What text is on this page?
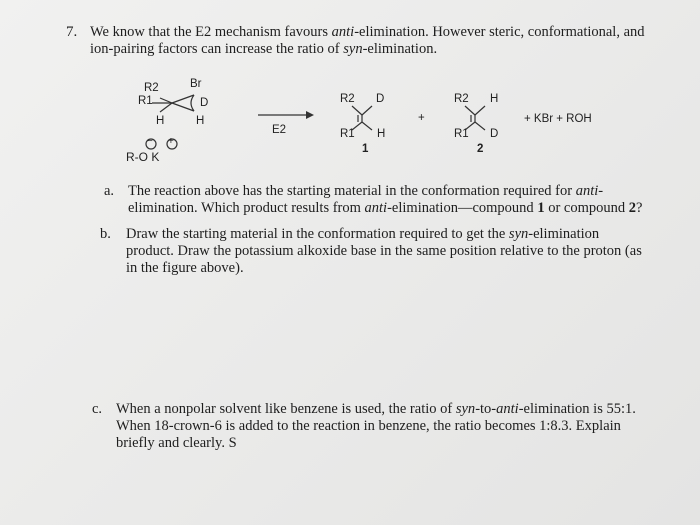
7. We know that the E2 mechanism favours anti-elimination. However steric, conformational, and ion-pairing factors can increase the ratio of syn-elimination.
R2	Br
R1	D
H	H
E2
R2 D
R1 H
1
+
R2 H
R1 D
2
+ KBr + ROH
R-O K
− +
a. The reaction above has the starting material in the conformation required for anti-elimination. Which product results from anti-elimination—compound 1 or compound 2?
b.	Draw the starting material in the conformation required to get the syn-elimination product. Draw the potassium alkoxide base in the same position relative to the proton (as in the figure above).
c. When a nonpolar solvent like benzene is used, the ratio of syn-to-anti-elimination is 55:1. When 18-crown-6 is added to the reaction in benzene, the ratio becomes 1:8.3. Explain briefly and clearly. S
